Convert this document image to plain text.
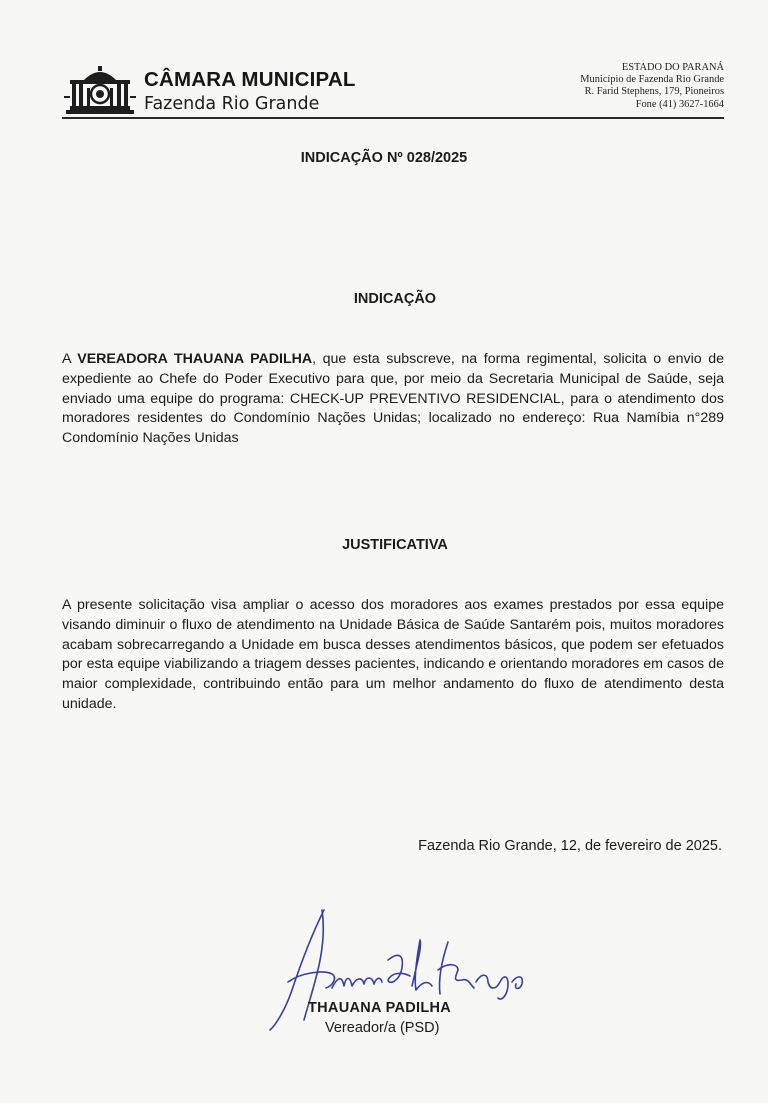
CÂMARA MUNICIPAL
Fazenda Rio Grande
ESTADO DO PARANÁ
Município de Fazenda Rio Grande
R. Farid Stephens, 179, Pioneiros
Fone (41) 3627-1664
INDICAÇÃO Nº 028/2025
INDICAÇÃO

A VEREADORA THAUANA PADILHA, que esta subscreve, na forma regimental, solicita o envio de expediente ao Chefe do Poder Executivo para que, por meio da Secretaria Municipal de Saúde, seja enviado uma equipe do programa: CHECK-UP PREVENTIVO RESIDENCIAL, para o atendimento dos moradores residentes do Condomínio Nações Unidas; localizado no endereço: Rua Namíbia n°289 Condomínio Nações Unidas

JUSTIFICATIVA

A presente solicitação visa ampliar o acesso dos moradores aos exames prestados por essa equipe visando diminuir o fluxo de atendimento na Unidade Básica de Saúde Santarém pois, muitos moradores acabam sobrecarregando a Unidade em busca desses atendimentos básicos, que podem ser efetuados por esta equipe viabilizando a triagem desses pacientes, indicando e orientando moradores em casos de maior complexidade, contribuindo então para um melhor andamento do fluxo de atendimento desta unidade.

Fazenda Rio Grande, 12, de fevereiro de 2025.
THAUANA PADILHA
Vereador/a (PSD)
